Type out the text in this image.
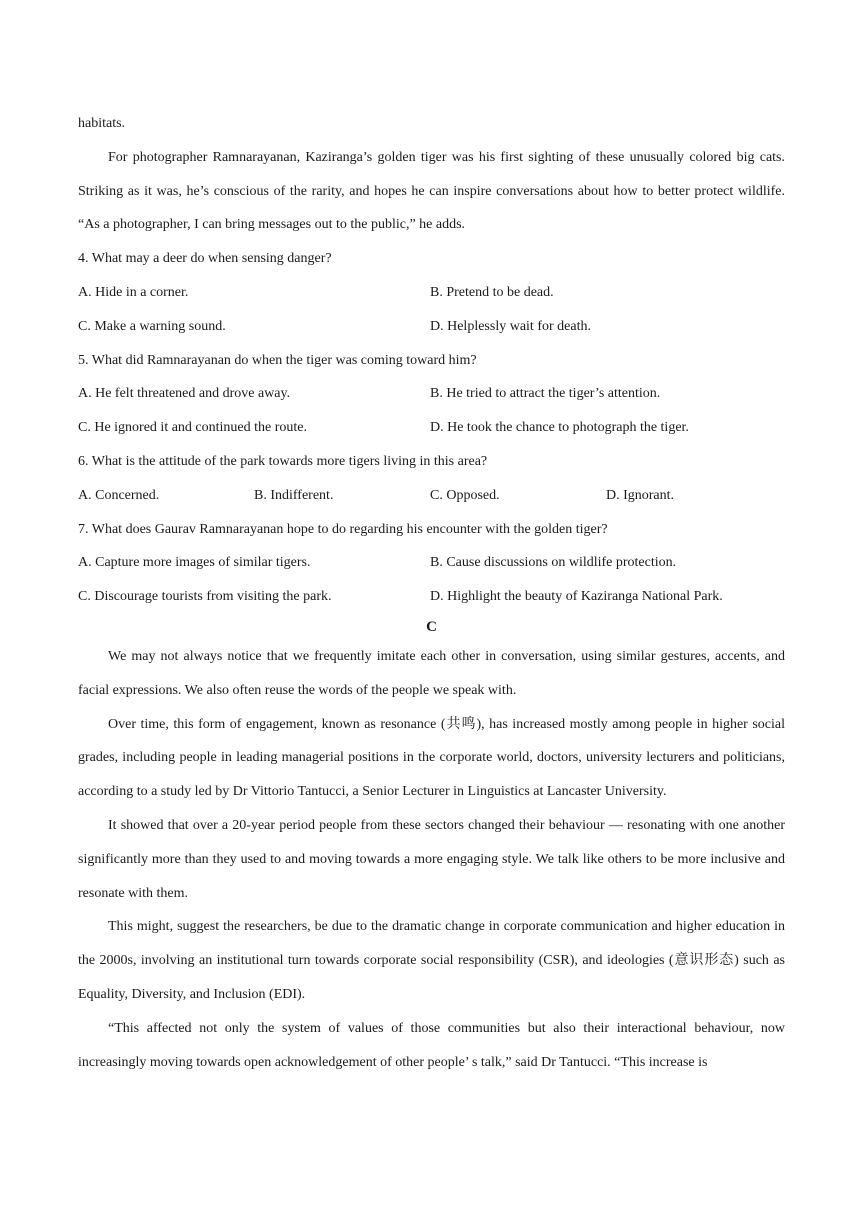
habitats.

For photographer Ramnarayanan, Kaziranga’s golden tiger was his first sighting of these unusually colored big cats. Striking as it was, he’s conscious of the rarity, and hopes he can inspire conversations about how to better protect wildlife. “As a photographer, I can bring messages out to the public,” he adds.

4. What may a deer do when sensing danger?

A. Hide in a corner.	B. Pretend to be dead.
C. Make a warning sound.	D. Helplessly wait for death.

5. What did Ramnarayanan do when the tiger was coming toward him?

A. He felt threatened and drove away.	B. He tried to attract the tiger’s attention.
C. He ignored it and continued the route.	D. He took the chance to photograph the tiger.

6. What is the attitude of the park towards more tigers living in this area?

A. Concerned.	B. Indifferent.	C. Opposed.	D. Ignorant.

7. What does Gaurav Ramnarayanan hope to do regarding his encounter with the golden tiger?

A. Capture more images of similar tigers.	B. Cause discussions on wildlife protection.
C. Discourage tourists from visiting the park.	D. Highlight the beauty of Kaziranga National Park.

C

We may not always notice that we frequently imitate each other in conversation, using similar gestures, accents, and facial expressions. We also often reuse the words of the people we speak with.

Over time, this form of engagement, known as resonance (共鸣), has increased mostly among people in higher social grades, including people in leading managerial positions in the corporate world, doctors, university lecturers and politicians, according to a study led by Dr Vittorio Tantucci, a Senior Lecturer in Linguistics at Lancaster University.

It showed that over a 20-year period people from these sectors changed their behaviour — resonating with one another significantly more than they used to and moving towards a more engaging style. We talk like others to be more inclusive and resonate with them.

This might, suggest the researchers, be due to the dramatic change in corporate communication and higher education in the 2000s, involving an institutional turn towards corporate social responsibility (CSR), and ideologies (意识形态) such as Equality, Diversity, and Inclusion (EDI).

“This affected not only the system of values of those communities but also their interactional behaviour, now increasingly moving towards open acknowledgement of other people’ s talk,” said Dr Tantucci. “This increase is
